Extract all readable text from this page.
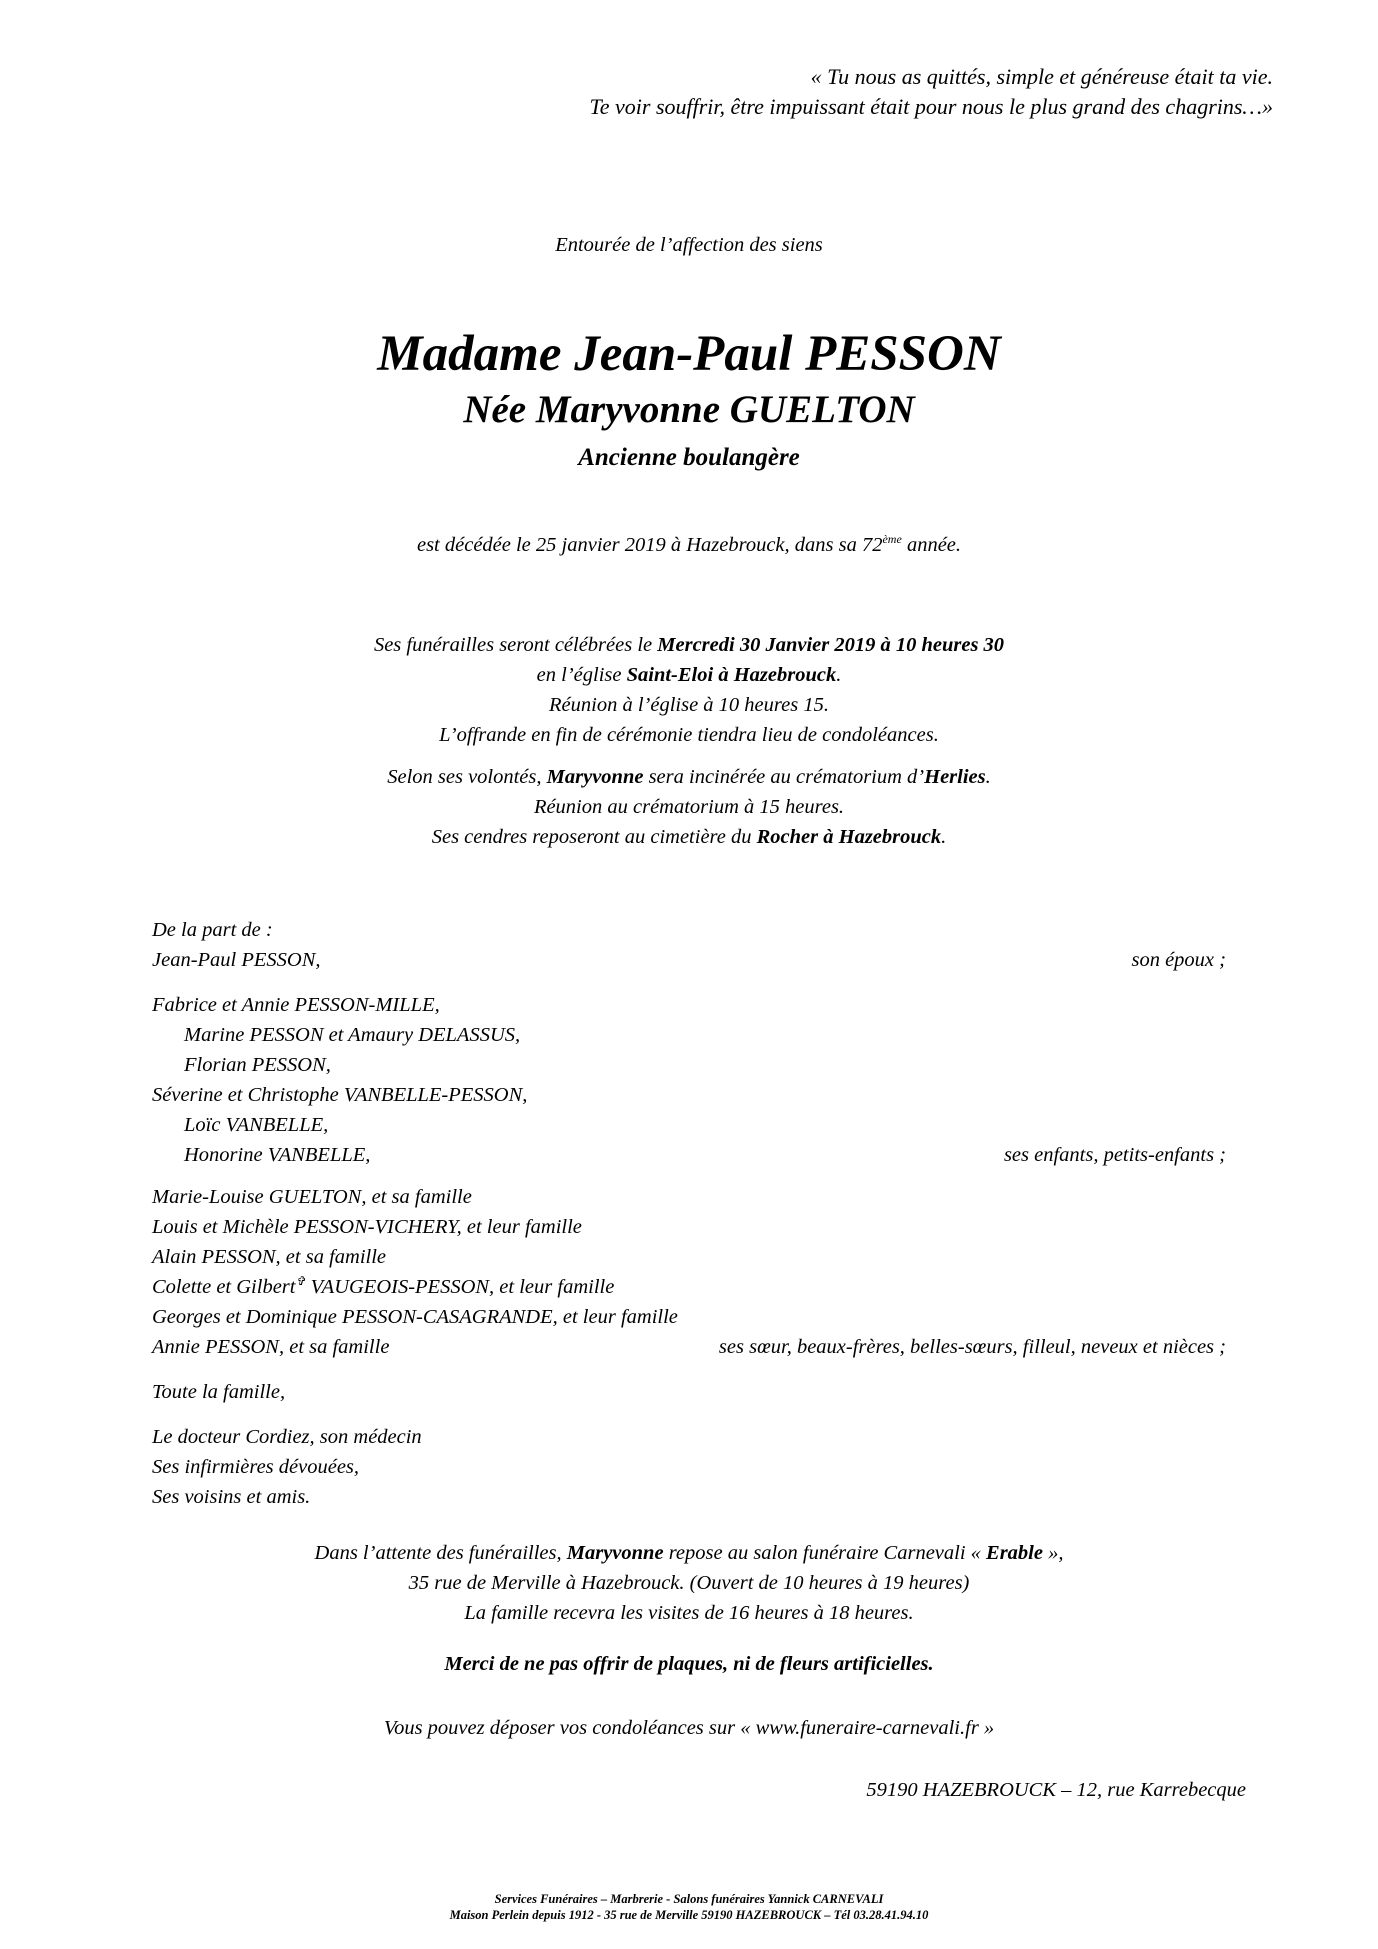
« Tu nous as quittés, simple et généreuse était ta vie.
Te voir souffrir, être impuissant était pour nous le plus grand des chagrins…»
Entourée de l’affection des siens
Madame Jean-Paul PESSON
Née Maryvonne GUELTON
Ancienne boulangère
est décédée le 25 janvier 2019 à Hazebrouck, dans sa 72ème année.
Ses funérailles seront célébrées le Mercredi 30 Janvier 2019 à 10 heures 30
en l’église Saint-Eloi à Hazebrouck.
Réunion à l’église à 10 heures 15.
L’offrande en fin de cérémonie tiendra lieu de condoléances.
Selon ses volontés, Maryvonne sera incinérée au crématorium d’Herlies.
Réunion au crématorium à 15 heures.
Ses cendres reposeront au cimetière du Rocher à Hazebrouck.
De la part de :
Jean-Paul PESSON,	son époux ;
Fabrice et Annie PESSON-MILLE,
Marine PESSON et Amaury DELASSUS,
Florian PESSON,
Séverine et Christophe VANBELLE-PESSON,
Loïc VANBELLE,
Honorine VANBELLE,	ses enfants, petits-enfants ;
Marie-Louise GUELTON, et sa famille
Louis et Michèle PESSON-VICHERY, et leur famille
Alain PESSON, et sa famille
Colette et Gilbert✞ VAUGEOIS-PESSON, et leur famille
Georges et Dominique PESSON-CASAGRANDE, et leur famille
Annie PESSON, et sa famille	ses sœur, beaux-frères, belles-sœurs, filleul, neveux et nièces ;
Toute la famille,
Le docteur Cordiez, son médecin
Ses infirmières dévouées,
Ses voisins et amis.
Dans l’attente des funérailles, Maryvonne repose au salon funéraire Carnevali « Erable »,
35 rue de Merville à Hazebrouck. (Ouvert de 10 heures à 19 heures)
La famille recevra les visites de 16 heures à 18 heures.
Merci de ne pas offrir de plaques, ni de fleurs artificielles.
Vous pouvez déposer vos condoléances sur « www.funeraire-carnevali.fr »
59190 HAZEBROUCK – 12, rue Karrebecque
Services Funéraires – Marbrerie - Salons funéraires Yannick CARNEVALI
Maison Perlein depuis 1912 - 35 rue de Merville 59190 HAZEBROUCK – Tél 03.28.41.94.10
